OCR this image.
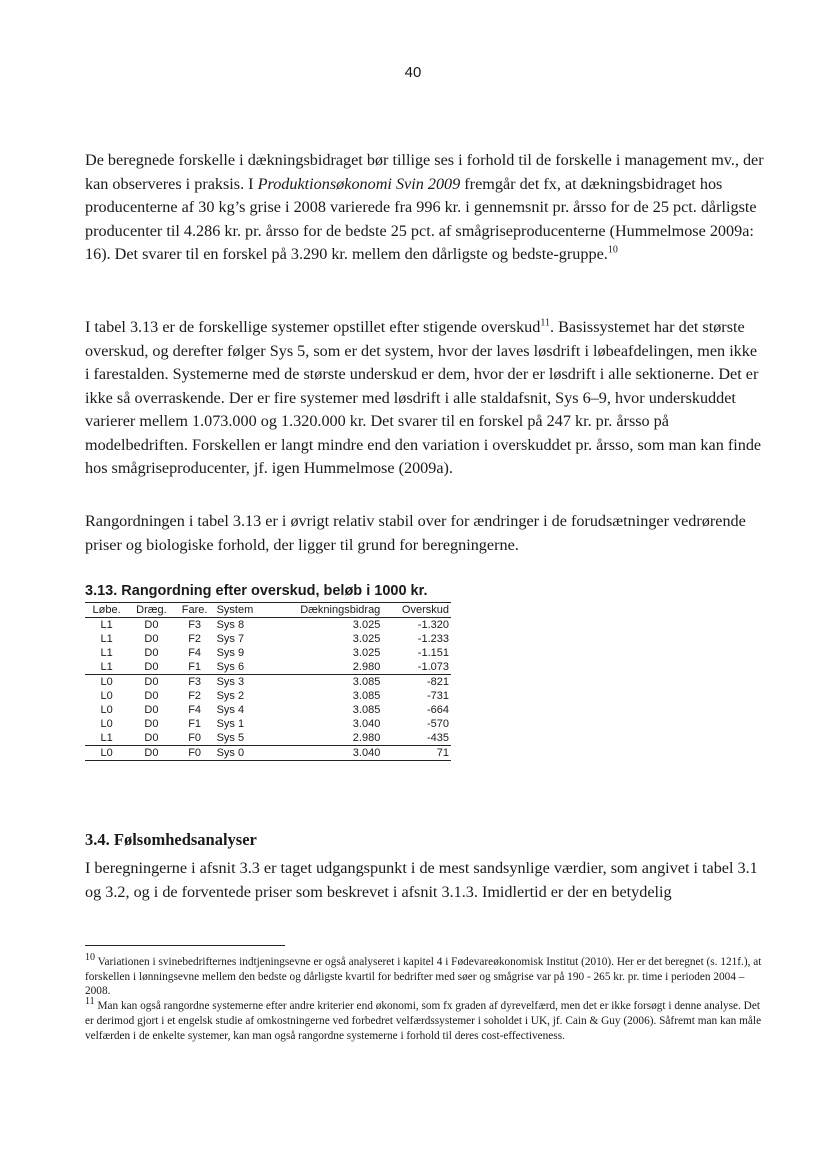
40

De beregnede forskelle i dækningsbidraget bør tillige ses i forhold til de forskelle i management mv., der kan observeres i praksis. I Produktionsøkonomi Svin 2009 fremgår det fx, at dækningsbidraget hos producenterne af 30 kg’s grise i 2008 varierede fra 996 kr. i gennemsnit pr. årsso for de 25 pct. dårligste producenter til 4.286 kr. pr. årsso for de bedste 25 pct. af smågriseproducenterne (Hummelmose 2009a: 16). Det svarer til en forskel på 3.290 kr. mellem den dårligste og bedste-gruppe.$^{10}$

I tabel 3.13 er de forskellige systemer opstillet efter stigende overskud$^{11}$. Basissystemet har det største overskud, og derefter følger Sys 5, som er det system, hvor der laves løsdrift i løbeafdelingen, men ikke i farestalden. Systemerne med de største underskud er dem, hvor der er løsdrift i alle sektionerne. Det er ikke så overraskende. Der er fire systemer med løsdrift i alle staldafsnit, Sys 6–9, hvor underskuddet varierer mellem 1.073.000 og 1.320.000 kr. Det svarer til en forskel på 247 kr. pr. årsso på modelbedriften. Forskellen er langt mindre end den variation i overskuddet pr. årsso, som man kan finde hos smågriseproducenter, jf. igen Hummelmose (2009a).

Rangordningen i tabel 3.13 er i øvrigt relativ stabil over for ændringer i de forudsætninger vedrørende priser og biologiske forhold, der ligger til grund for beregningerne.

3.13. Rangordning efter overskud, beløb i 1000 kr.

Løbe.	Dræg.	Fare.	System	Dækningsbidrag	Overskud
L1	D0	F3	Sys 8	3.025	-1.320
L1	D0	F2	Sys 7	3.025	-1.233
L1	D0	F4	Sys 9	3.025	-1.151
L1	D0	F1	Sys 6	2.980	-1.073
L0	D0	F3	Sys 3	3.085	-821
L0	D0	F2	Sys 2	3.085	-731
L0	D0	F4	Sys 4	3.085	-664
L0	D0	F1	Sys 1	3.040	-570
L1	D0	F0	Sys 5	2.980	-435
L0	D0	F0	Sys 0	3.040	71
3.4. Følsomhedsanalyser

I beregningerne i afsnit 3.3 er taget udgangspunkt i de mest sandsynlige værdier, som angivet i tabel 3.1 og 3.2, og i de forventede priser som beskrevet i afsnit 3.1.3. Imidlertid er der en betydelig

$^{10}$ Variationen i svinebedrifternes indtjeningsevne er også analyseret i kapitel 4 i Fødevareøkonomisk Institut (2010). Her er det beregnet (s. 121f.), at forskellen i lønningsevne mellem den bedste og dårligste kvartil for bedrifter med søer og smågrise var på 190 - 265 kr. pr. time i perioden 2004 – 2008.

$^{11}$ Man kan også rangordne systemerne efter andre kriterier end økonomi, som fx graden af dyrevelfærd, men det er ikke forsøgt i denne analyse. Det er derimod gjort i et engelsk studie af omkostningerne ved forbedret velfærdssystemer i soholdet i UK, jf. Cain & Guy (2006). Såfremt man kan måle velfærden i de enkelte systemer, kan man også rangordne systemerne i forhold til deres cost-effectiveness.
